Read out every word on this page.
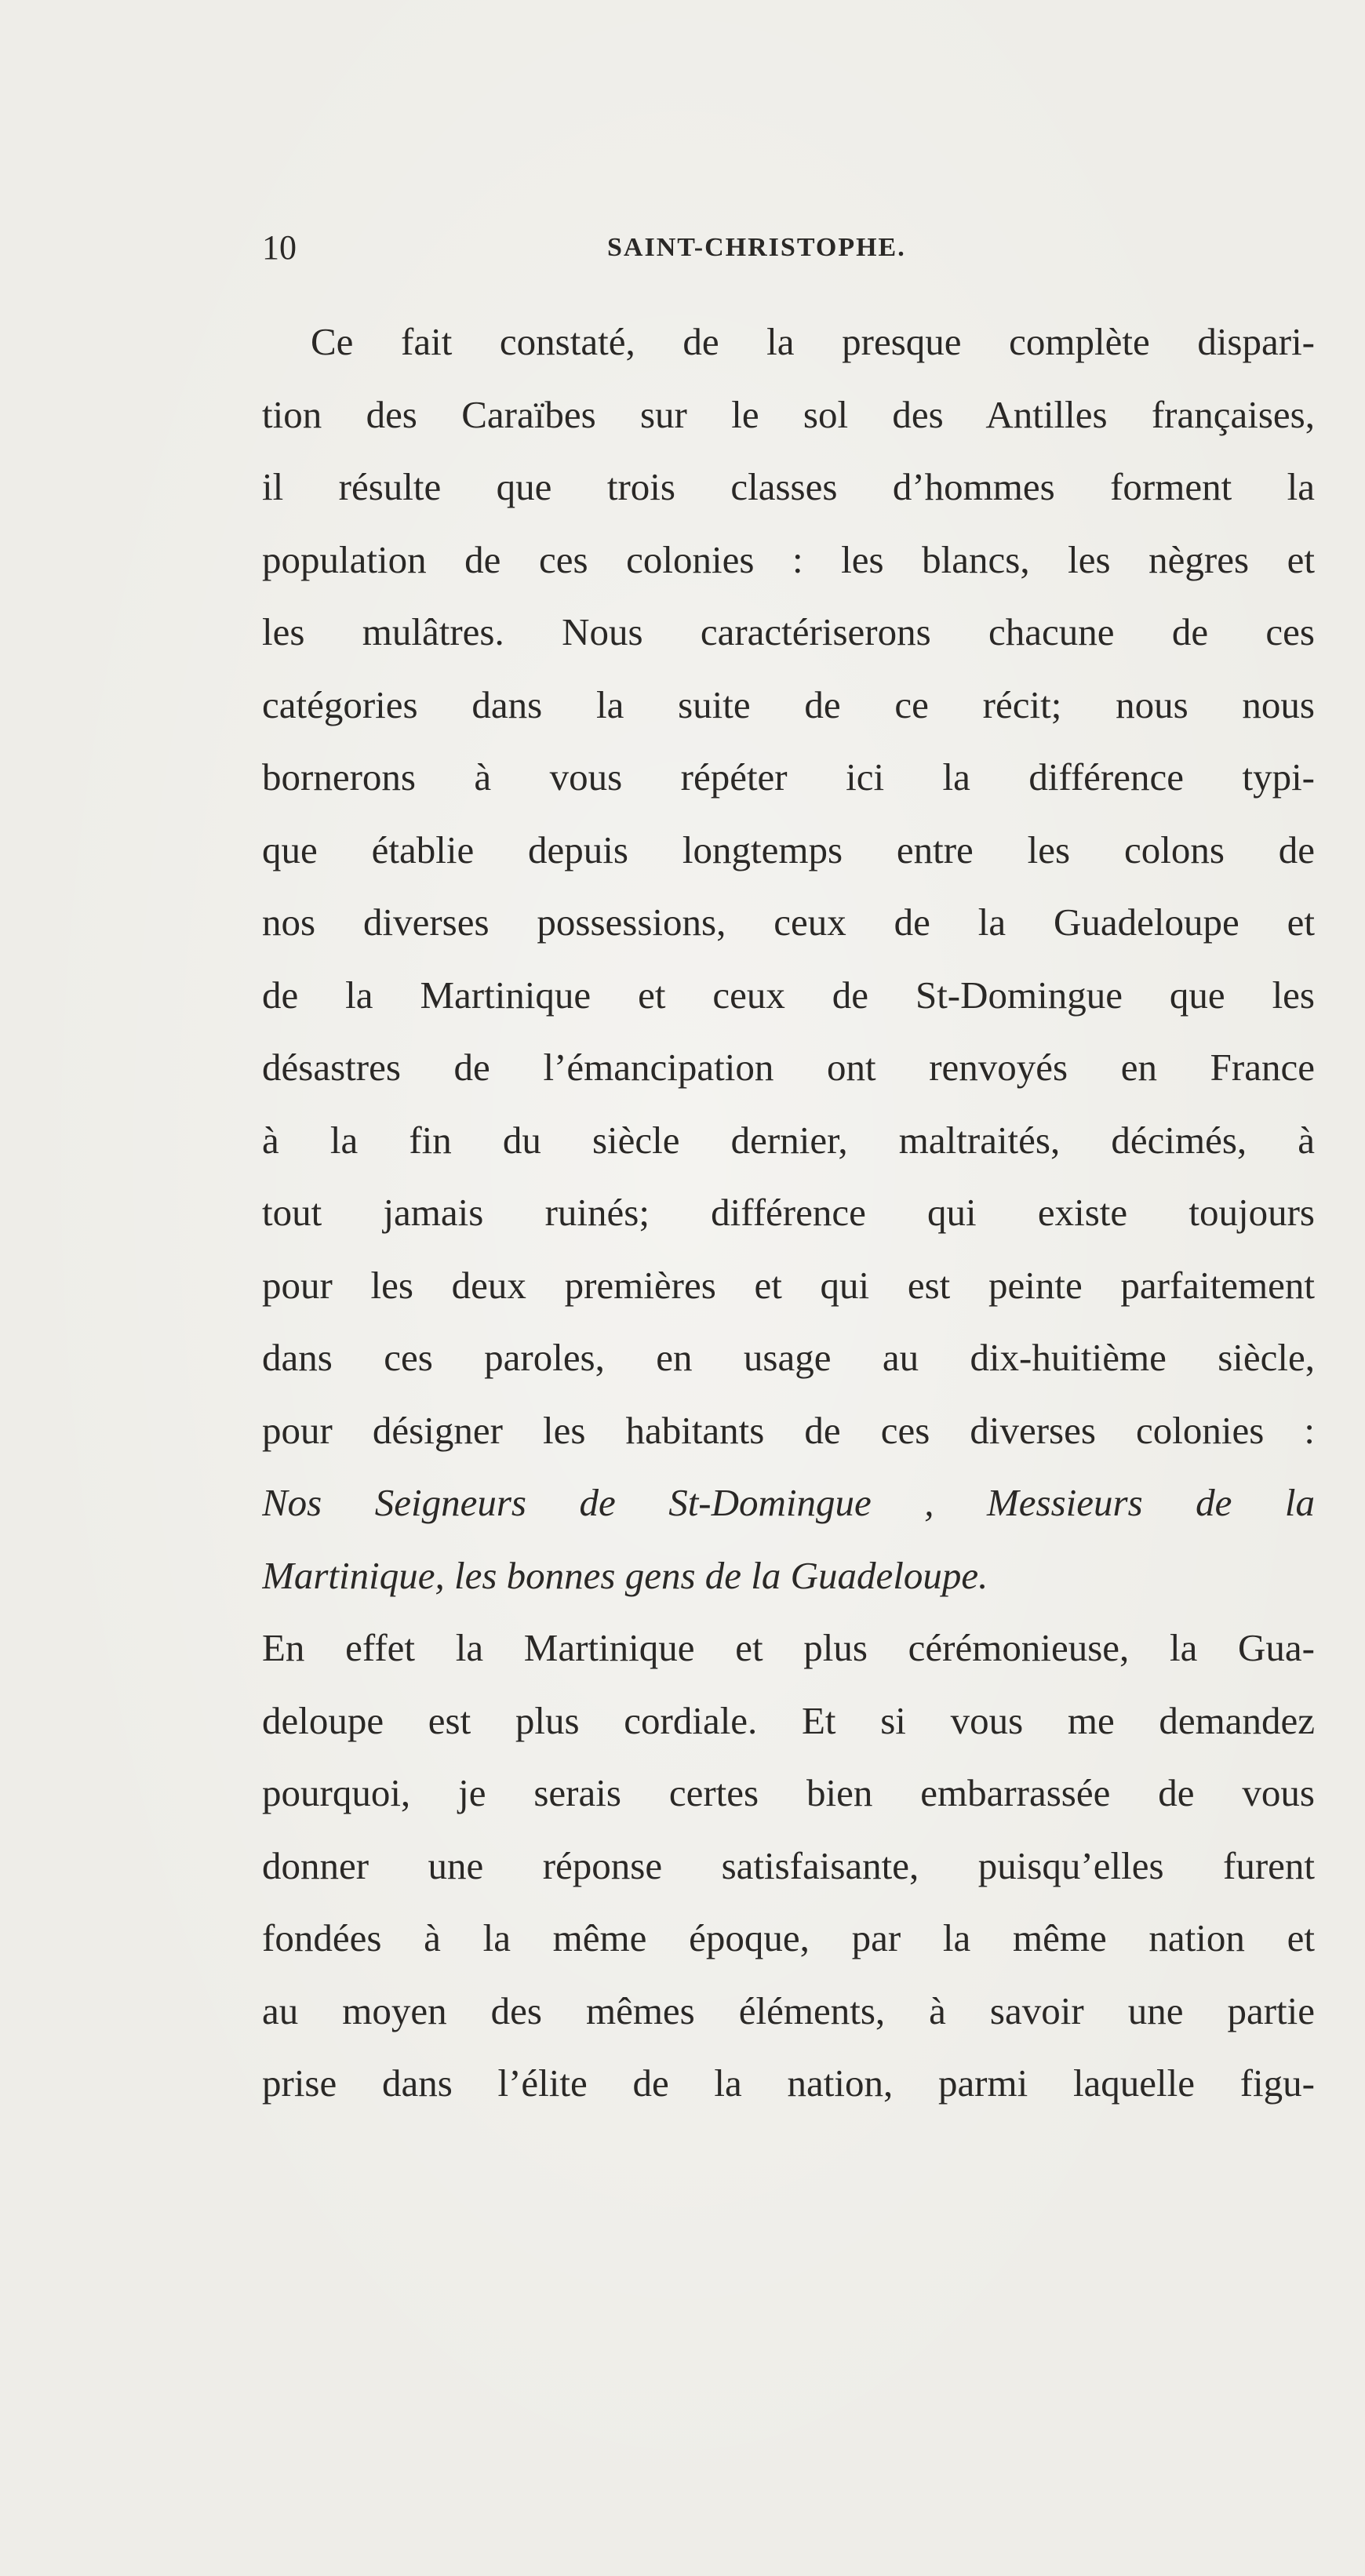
10	SAINT-CHRISTOPHE.
Ce fait constaté, de la presque complète dispari-
tion des Caraïbes sur le sol des Antilles françaises,
il résulte que trois classes d’hommes forment la
population de ces colonies : les blancs, les nègres et
les mulâtres. Nous caractériserons chacune de ces
catégories dans la suite de ce récit; nous nous
bornerons à vous répéter ici la différence typi-
que établie depuis longtemps entre les colons de
nos diverses possessions, ceux de la Guadeloupe et
de la Martinique et ceux de St-Domingue que les
désastres de l’émancipation ont renvoyés en France
à la fin du siècle dernier, maltraités, décimés, à
tout jamais ruinés; différence qui existe toujours
pour les deux premières et qui est peinte parfaitement
dans ces paroles, en usage au dix-huitième siècle,
pour désigner les habitants de ces diverses colonies :
Nos Seigneurs de St-Domingue , Messieurs de la
Martinique, les bonnes gens de la Guadeloupe.
En effet la Martinique et plus cérémonieuse, la Gua-
deloupe est plus cordiale. Et si vous me demandez
pourquoi, je serais certes bien embarrassée de vous
donner une réponse satisfaisante, puisqu’elles furent
fondées à la même époque, par la même nation et
au moyen des mêmes éléments, à savoir une partie
prise dans l’élite de la nation, parmi laquelle figu-
